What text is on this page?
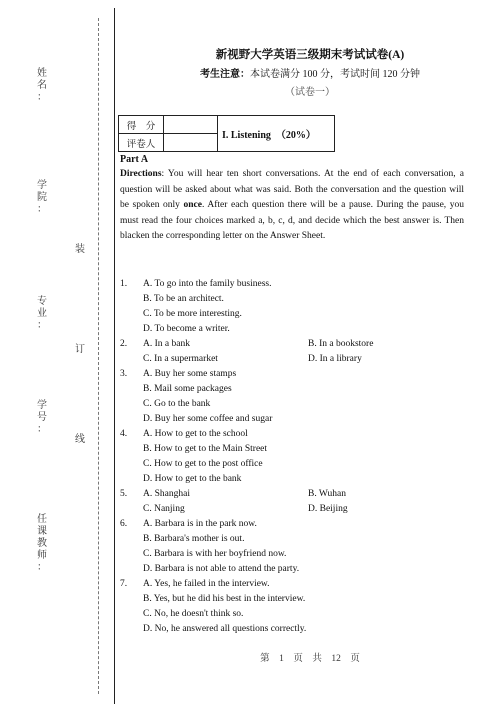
姓
名
：
学
院
：
专
业
：
学
号
：
任
课
教
师
：
装
订
线
新视野大学英语三级期末考试试卷(A)
考生注意：本试卷满分 100 分，考试时间 120 分钟
（试卷一）
得　分		I. Listening　（20%）
评卷人		
Part A
Directions: You will hear ten short conversations. At the end of each conversation, a question will be asked about what was said. Both the conversation and the question will be spoken only once. After each question there will be a pause. During the pause, you must read the four choices marked a, b, c, d, and decide which the best answer is. Then blacken the corresponding letter on the Answer Sheet.
1. A. To go into the family business.
B. To be an architect.
C. To be more interesting.
D. To become a writer.
2. A. In a bank	B. In a bookstore
C. In a supermarket	D. In a library
3. A. Buy her some stamps
B. Mail some packages
C. Go to the bank
D. Buy her some coffee and sugar
4. A. How to get to the school
B. How to get to the Main Street
C. How to get to the post office
D. How to get to the bank
5. A. Shanghai	B. Wuhan
C. Nanjing	D. Beijing
6. A. Barbara is in the park now.
B. Barbara's mother is out.
C. Barbara is with her boyfriend now.
D. Barbara is not able to attend the party.
7. A. Yes, he failed in the interview.
B. Yes, but he did his best in the interview.
C. No, he doesn't think so.
D. No, he answered all questions correctly.
第　1　页　共　12　页
